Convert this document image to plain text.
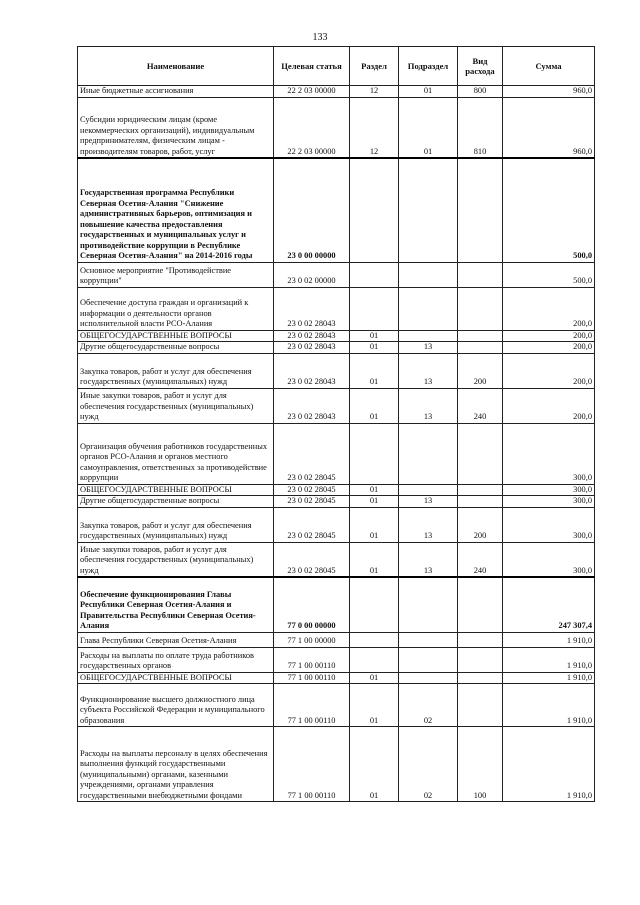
133
Наименование	Целевая статья	Раздел	Подраздел	Вид расхода	Сумма
Иные бюджетные ассигнования	22 2 03 00000	12	01	800	960,0
Субсидии юридическим лицам (кроме некоммерческих организаций), индивидуальным предпринимателям, физическим лицам - производителям товаров, работ, услуг	22 2 03 00000	12	01	810	960,0
Государственная программа Республики Северная Осетия-Алания "Снижение административных барьеров, оптимизация и повышение качества предоставления государственных и муниципальных услуг и противодействие коррупции в Республике Северная Осетия-Алания" на 2014-2016 годы	23 0 00 00000				500,0
Основное мероприятие "Противодействие коррупции"	23 0 02 00000				500,0
Обеспечение доступа граждан и организаций к информации о деятельности органов исполнительной власти РСО-Алания	23 0 02 28043				200,0
ОБЩЕГОСУДАРСТВЕННЫЕ ВОПРОСЫ	23 0 02 28043	01			200,0
Другие общегосударственные вопросы	23 0 02 28043	01	13		200,0
Закупка товаров, работ и услуг для обеспечения государственных (муниципальных) нужд	23 0 02 28043	01	13	200	200,0
Иные закупки товаров, работ и услуг для обеспечения государственных (муниципальных) нужд	23 0 02 28043	01	13	240	200,0
Организация обучения работников государственных органов РСО-Алания и органов местного самоуправления, ответственных за противодействие коррупции	23 0 02 28045				300,0
ОБЩЕГОСУДАРСТВЕННЫЕ ВОПРОСЫ	23 0 02 28045	01			300,0
Другие общегосударственные вопросы	23 0 02 28045	01	13		300,0
Закупка товаров, работ и услуг для обеспечения государственных (муниципальных) нужд	23 0 02 28045	01	13	200	300,0
Иные закупки товаров, работ и услуг для обеспечения государственных (муниципальных) нужд	23 0 02 28045	01	13	240	300,0
Обеспечение функционирования Главы Республики Северная Осетия-Алания и Правительства Республики Северная Осетия-Алания	77 0 00 00000				247 307,4
Глава Республики Северная Осетия-Алания	77 1 00 00000				1 910,0
Расходы на выплаты по оплате труда работников государственных органов	77 1 00 00110				1 910,0
ОБЩЕГОСУДАРСТВЕННЫЕ ВОПРОСЫ	77 1 00 00110	01			1 910,0
Функционирование высшего должностного лица субъекта Российской Федерации и муниципального образования	77 1 00 00110	01	02		1 910,0
Расходы на выплаты персоналу в целях обеспечения выполнения функций государственными (муниципальными) органами, казенными учреждениями, органами управления государственными внебюджетными фондами	77 1 00 00110	01	02	100	1 910,0
